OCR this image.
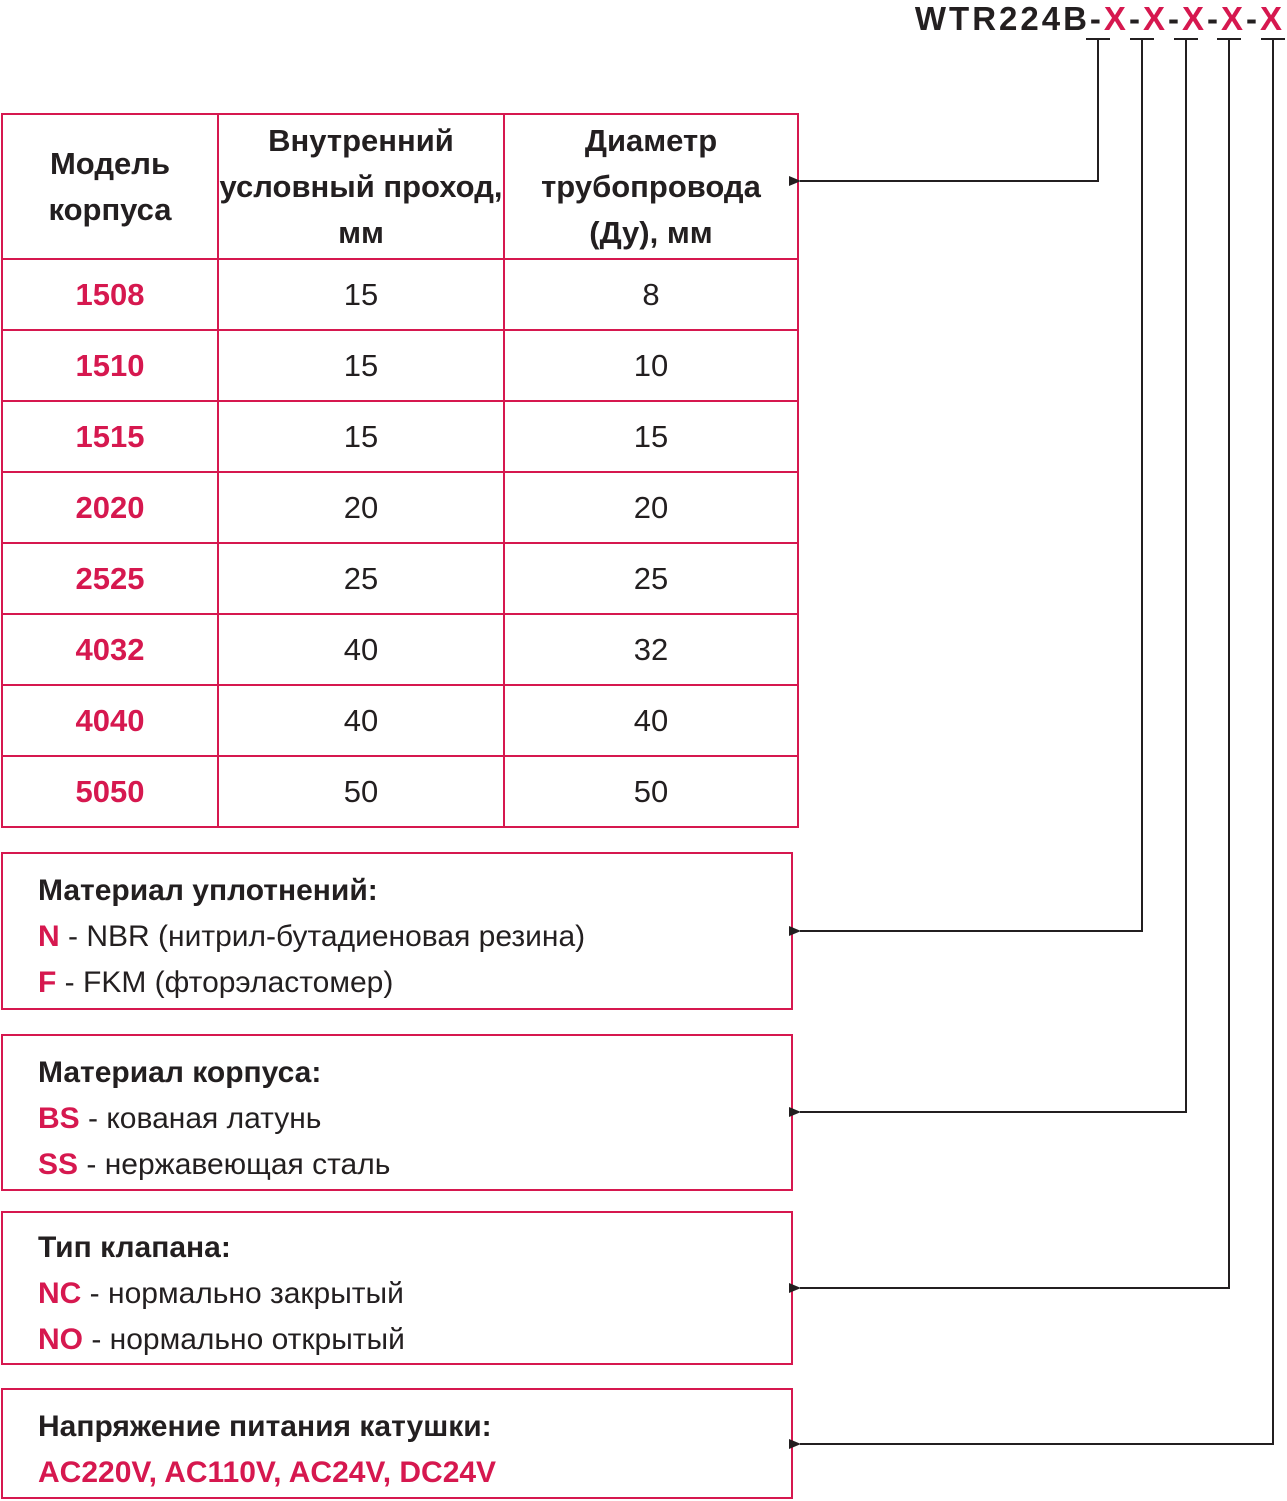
WTR224B-X-X-X-X-X
Модель корпуса	Внутренний условный проход, мм	Диаметр трубопровода (Ду), мм
1508	15	8
1510	15	10
1515	15	15
2020	20	20
2525	25	25
4032	40	32
4040	40	40
5050	50	50
Материал уплотнений:
N - NBR (нитрил-бутадиеновая резина)
F - FKM (фторэластомер)
Материал корпуса:
BS - кованая латунь
SS - нержавеющая сталь
Тип клапана:
NC - нормально закрытый
NO - нормально открытый
Напряжение питания катушки:
AC220V, AC110V, AC24V, DC24V
